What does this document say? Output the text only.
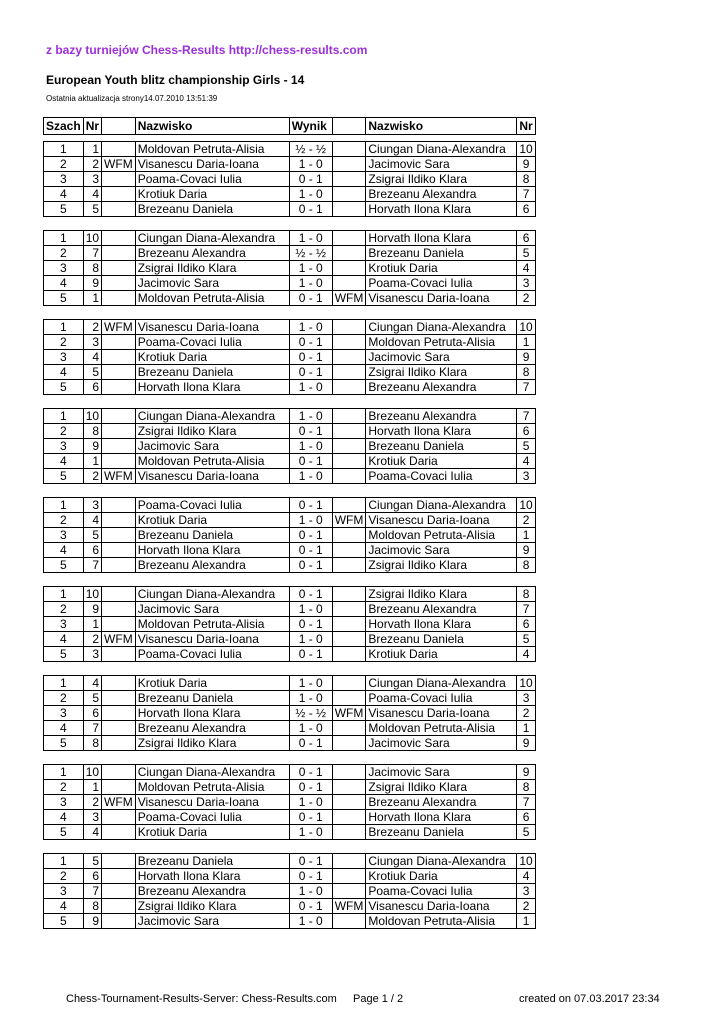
z bazy turniejów Chess-Results http://chess-results.com
European Youth blitz championship Girls - 14
Ostatnia aktualizacja strony14.07.2010 13:51:39
Szach	Nr		Nazwisko	Wynik		Nazwisko	Nr

1	1		Moldovan Petruta-Alisia	½ - ½		Ciungan Diana-Alexandra	10
2	2	WFM	Visanescu Daria-Ioana	1 - 0		Jacimovic Sara	9
3	3		Poama-Covaci Iulia	0 - 1		Zsigrai Ildiko Klara	8
4	4		Krotiuk Daria	1 - 0		Brezeanu Alexandra	7
5	5		Brezeanu Daniela	0 - 1		Horvath Ilona Klara	6

1	10		Ciungan Diana-Alexandra	1 - 0		Horvath Ilona Klara	6
2	7		Brezeanu Alexandra	½ - ½		Brezeanu Daniela	5
3	8		Zsigrai Ildiko Klara	1 - 0		Krotiuk Daria	4
4	9		Jacimovic Sara	1 - 0		Poama-Covaci Iulia	3
5	1		Moldovan Petruta-Alisia	0 - 1	WFM	Visanescu Daria-Ioana	2

1	2	WFM	Visanescu Daria-Ioana	1 - 0		Ciungan Diana-Alexandra	10
2	3		Poama-Covaci Iulia	0 - 1		Moldovan Petruta-Alisia	1
3	4		Krotiuk Daria	0 - 1		Jacimovic Sara	9
4	5		Brezeanu Daniela	0 - 1		Zsigrai Ildiko Klara	8
5	6		Horvath Ilona Klara	1 - 0		Brezeanu Alexandra	7

1	10		Ciungan Diana-Alexandra	1 - 0		Brezeanu Alexandra	7
2	8		Zsigrai Ildiko Klara	0 - 1		Horvath Ilona Klara	6
3	9		Jacimovic Sara	1 - 0		Brezeanu Daniela	5
4	1		Moldovan Petruta-Alisia	0 - 1		Krotiuk Daria	4
5	2	WFM	Visanescu Daria-Ioana	1 - 0		Poama-Covaci Iulia	3

1	3		Poama-Covaci Iulia	0 - 1		Ciungan Diana-Alexandra	10
2	4		Krotiuk Daria	1 - 0	WFM	Visanescu Daria-Ioana	2
3	5		Brezeanu Daniela	0 - 1		Moldovan Petruta-Alisia	1
4	6		Horvath Ilona Klara	0 - 1		Jacimovic Sara	9
5	7		Brezeanu Alexandra	0 - 1		Zsigrai Ildiko Klara	8

1	10		Ciungan Diana-Alexandra	0 - 1		Zsigrai Ildiko Klara	8
2	9		Jacimovic Sara	1 - 0		Brezeanu Alexandra	7
3	1		Moldovan Petruta-Alisia	0 - 1		Horvath Ilona Klara	6
4	2	WFM	Visanescu Daria-Ioana	1 - 0		Brezeanu Daniela	5
5	3		Poama-Covaci Iulia	0 - 1		Krotiuk Daria	4

1	4		Krotiuk Daria	1 - 0		Ciungan Diana-Alexandra	10
2	5		Brezeanu Daniela	1 - 0		Poama-Covaci Iulia	3
3	6		Horvath Ilona Klara	½ - ½	WFM	Visanescu Daria-Ioana	2
4	7		Brezeanu Alexandra	1 - 0		Moldovan Petruta-Alisia	1
5	8		Zsigrai Ildiko Klara	0 - 1		Jacimovic Sara	9

1	10		Ciungan Diana-Alexandra	0 - 1		Jacimovic Sara	9
2	1		Moldovan Petruta-Alisia	0 - 1		Zsigrai Ildiko Klara	8
3	2	WFM	Visanescu Daria-Ioana	1 - 0		Brezeanu Alexandra	7
4	3		Poama-Covaci Iulia	0 - 1		Horvath Ilona Klara	6
5	4		Krotiuk Daria	1 - 0		Brezeanu Daniela	5

1	5		Brezeanu Daniela	0 - 1		Ciungan Diana-Alexandra	10
2	6		Horvath Ilona Klara	0 - 1		Krotiuk Daria	4
3	7		Brezeanu Alexandra	1 - 0		Poama-Covaci Iulia	3
4	8		Zsigrai Ildiko Klara	0 - 1	WFM	Visanescu Daria-Ioana	2
5	9		Jacimovic Sara	1 - 0		Moldovan Petruta-Alisia	1
Chess-Tournament-Results-Server: Chess-Results.com Page 1 / 2	created on 07.03.2017 23:34
